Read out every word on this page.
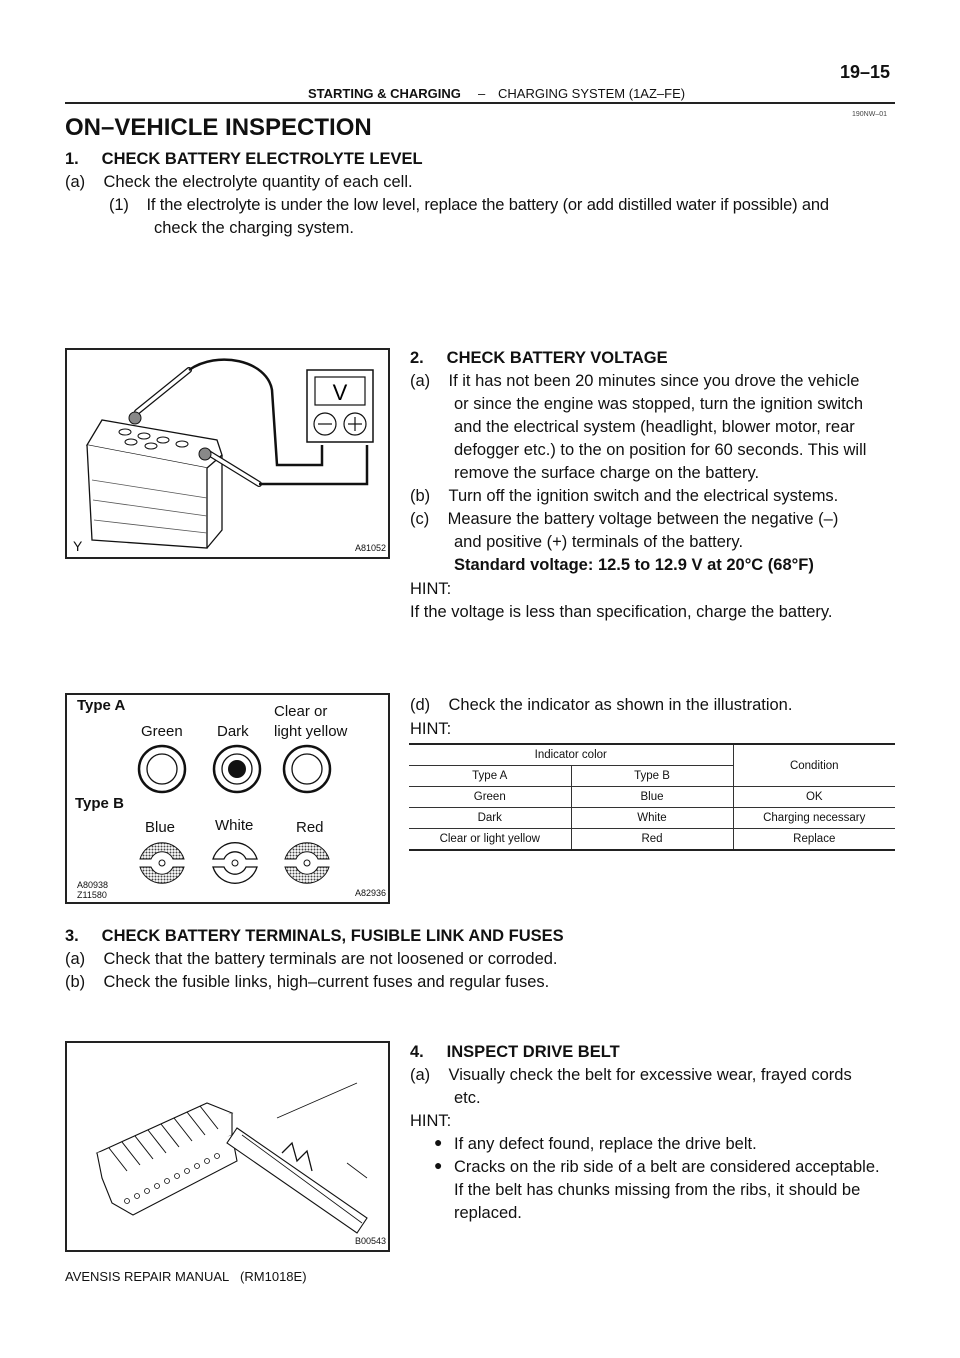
STARTING & CHARGING – CHARGING SYSTEM (1AZ–FE)
19–15
190NW–01
ON–VEHICLE INSPECTION
1.     CHECK BATTERY ELECTROLYTE LEVEL
(a)    Check the electrolyte quantity of each cell.
(1)    If the electrolyte is under the low level, replace the battery (or add distilled water if possible) and
check the charging system.
V
Y	A81052
2.     CHECK BATTERY VOLTAGE
(a)    If it has not been 20 minutes since you drove the vehicle
or since the engine was stopped, turn the ignition switch
and the electrical system (headlight, blower motor, rear
defogger etc.) to the on position for 60 seconds. This will
remove the surface charge on the battery.
(b)    Turn off the ignition switch and the electrical systems.
(c)    Measure the battery voltage between the negative (–)
and positive (+) terminals of the battery.
Standard voltage: 12.5 to 12.9 V at 20°C (68°F)
HINT:
If the voltage is less than specification, charge the battery.
Type A
Green Dark
Clear or
light yellow
Type B
Blue	White	Red
A80938
Z11580	A82936
(d)    Check the indicator as shown in the illustration.
HINT:
Indicator color		Condition
Type A	Type B	
Green	Blue	OK
Dark	White	Charging necessary
Clear or light yellow	Red	Replace
3.     CHECK BATTERY TERMINALS, FUSIBLE LINK AND FUSES
(a)    Check that the battery terminals are not loosened or corroded.
(b)    Check the fusible links, high–current fuses and regular fuses.
B00543
4.     INSPECT DRIVE BELT
(a)    Visually check the belt for excessive wear, frayed cords
etc.
HINT:
● If any defect found, replace the drive belt.
● Cracks on the rib side of a belt are considered acceptable.
If the belt has chunks missing from the ribs, it should be
replaced.
AVENSIS REPAIR MANUAL   (RM1018E)
